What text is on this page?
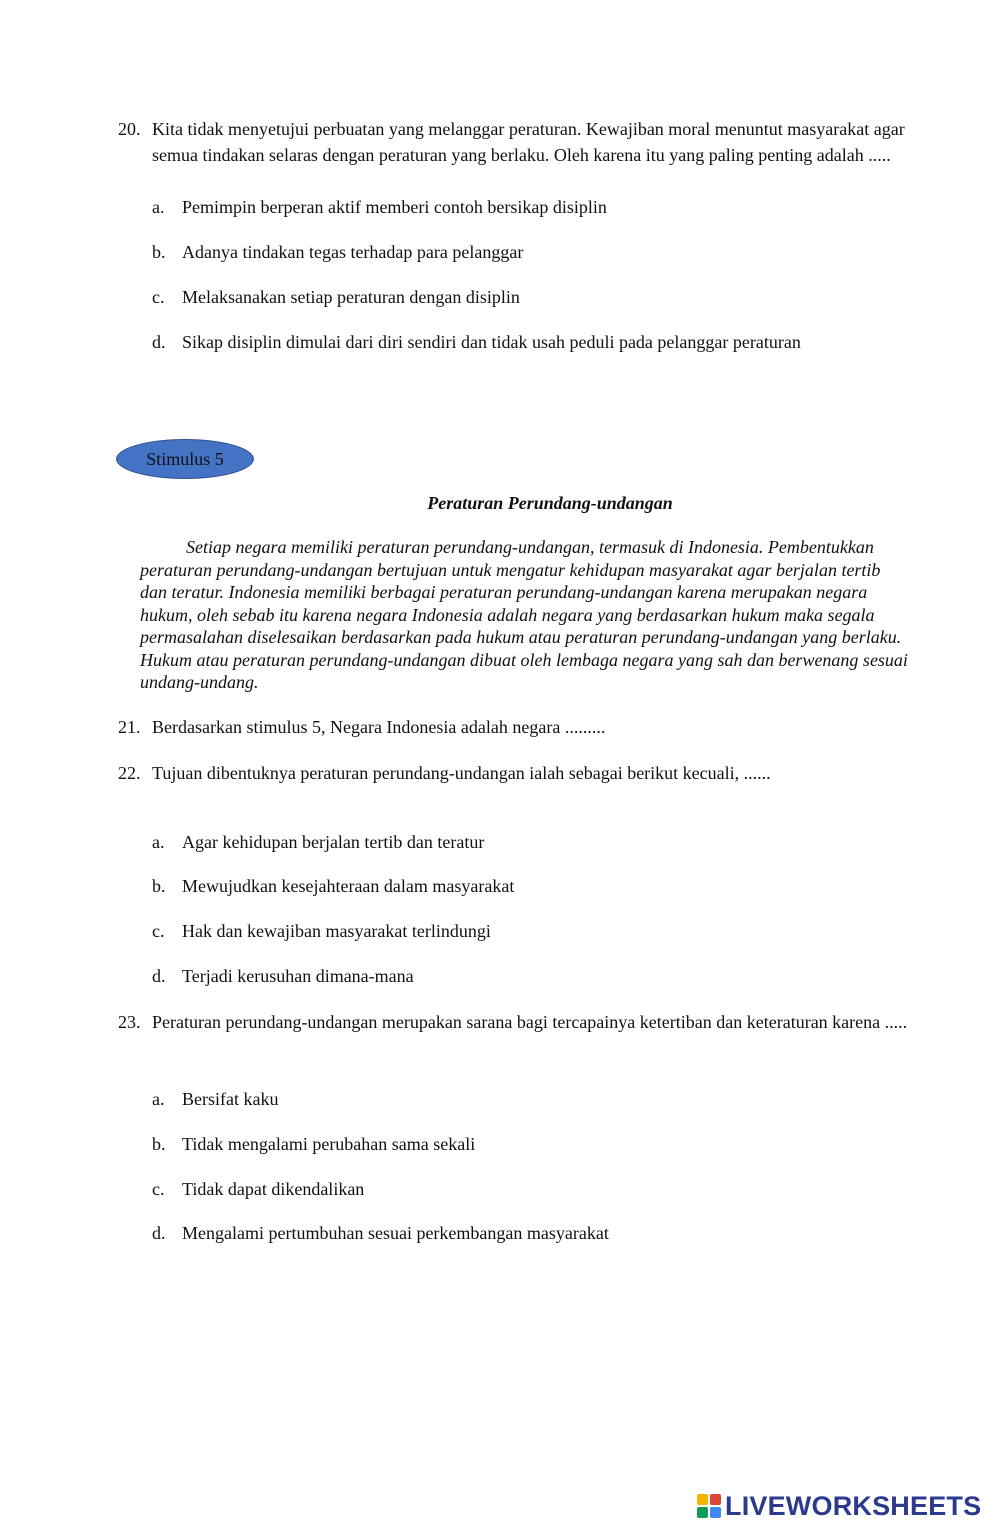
20. Kita tidak menyetujui perbuatan yang melanggar peraturan. Kewajiban moral menuntut masyarakat agar semua tindakan selaras dengan peraturan yang berlaku. Oleh karena itu yang paling penting adalah .....
a. Pemimpin berperan aktif memberi contoh bersikap disiplin
b. Adanya tindakan tegas terhadap para pelanggar
c. Melaksanakan setiap peraturan dengan disiplin
d. Sikap disiplin dimulai dari diri sendiri dan tidak usah peduli pada pelanggar peraturan
Stimulus 5
Peraturan Perundang-undangan
Setiap negara memiliki peraturan perundang-undangan, termasuk di Indonesia. Pembentukkan peraturan perundang-undangan bertujuan untuk mengatur kehidupan masyarakat agar berjalan tertib dan teratur. Indonesia memiliki berbagai peraturan perundang-undangan karena merupakan negara hukum, oleh sebab itu karena negara Indonesia adalah negara yang berdasarkan hukum maka segala permasalahan diselesaikan berdasarkan pada hukum atau peraturan perundang-undangan yang berlaku. Hukum atau peraturan perundang-undangan dibuat oleh lembaga negara yang sah dan berwenang sesuai undang-undang.
21. Berdasarkan stimulus 5, Negara Indonesia adalah negara .........
22. Tujuan dibentuknya peraturan perundang-undangan ialah sebagai berikut kecuali, ......
a. Agar kehidupan berjalan tertib dan teratur
b. Mewujudkan kesejahteraan dalam masyarakat
c. Hak dan kewajiban masyarakat terlindungi
d. Terjadi kerusuhan dimana-mana
23. Peraturan perundang-undangan merupakan sarana bagi tercapainya ketertiban dan keteraturan karena .....
a. Bersifat kaku
b. Tidak mengalami perubahan sama sekali
c. Tidak dapat dikendalikan
d. Mengalami pertumbuhan sesuai perkembangan masyarakat
LIVEWORKSHEETS
